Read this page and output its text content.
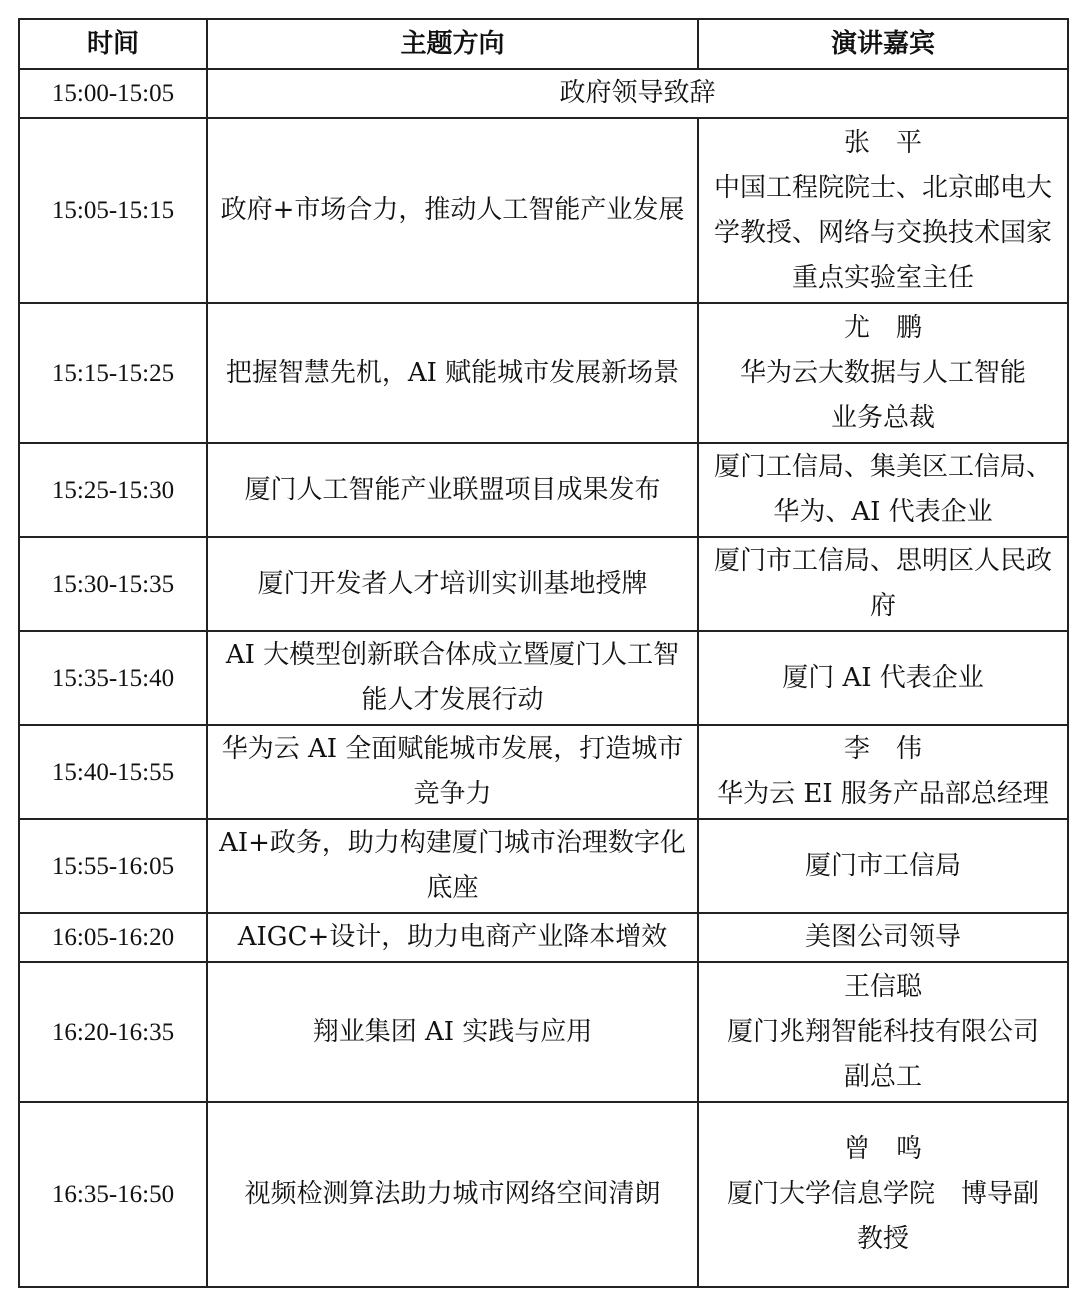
时间	主题方向	演讲嘉宾
15:00-15:05	政府领导致辞	
15:05-15:15	政府+市场合力，推动人工智能产业发展	张　平
中国工程院院士、北京邮电大
学教授、网络与交换技术国家
重点实验室主任

15:15-15:25	把握智慧先机，AI 赋能城市发展新场景	尤　鹏
华为云大数据与人工智能
业务总裁

15:25-15:30	厦门人工智能产业联盟项目成果发布	厦门工信局、集美区工信局、
华为、AI 代表企业

15:30-15:35	厦门开发者人才培训实训基地授牌	厦门市工信局、思明区人民政
府

15:35-15:40	AI 大模型创新联合体成立暨厦门人工智
能人才发展行动	厦门 AI 代表企业

15:40-15:55	华为云 AI 全面赋能城市发展，打造城市
竞争力	李　伟
华为云 EI 服务产品部总经理

15:55-16:05	AI+政务，助力构建厦门城市治理数字化
底座	厦门市工信局

16:05-16:20	AIGC+设计，助力电商产业降本增效	美图公司领导

16:20-16:35	翔业集团 AI 实践与应用	王信聪
厦门兆翔智能科技有限公司
副总工

16:35-16:50	视频检测算法助力城市网络空间清朗	曾　鸣
厦门大学信息学院　博导副
教授
